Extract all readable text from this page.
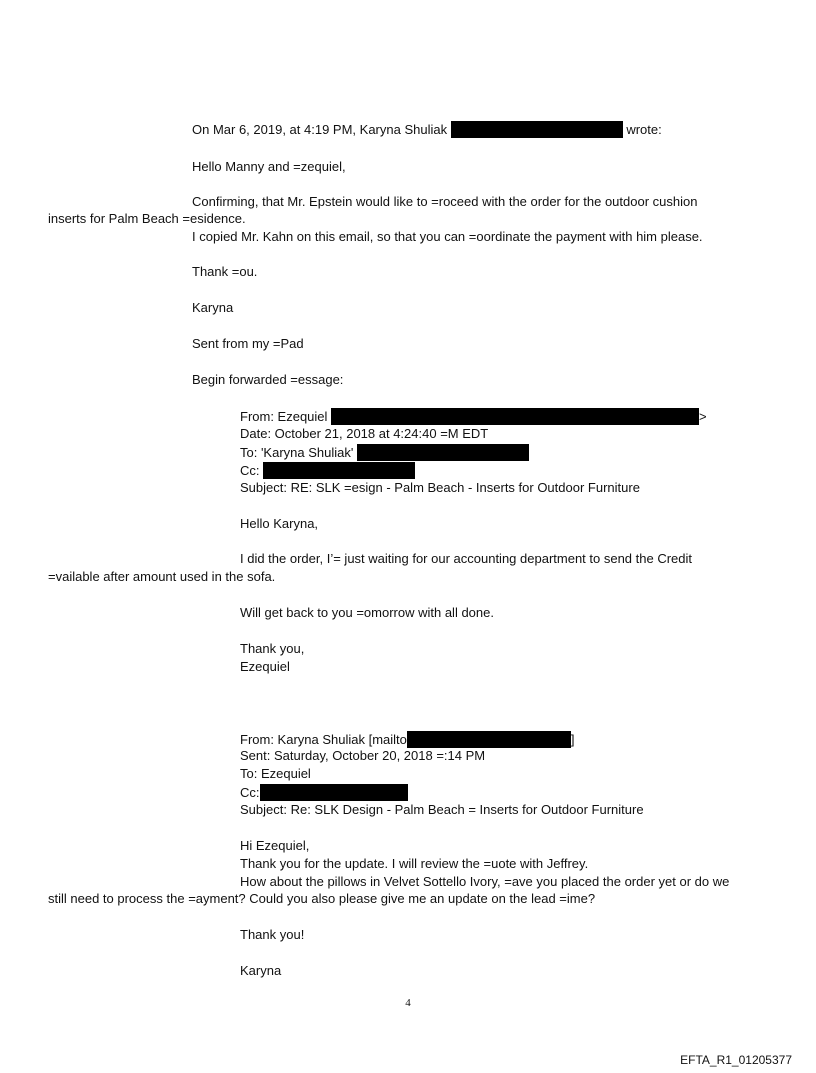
On Mar 6, 2019, at 4:19 PM, Karyna Shuliak	wrote:
Hello Manny and =zequiel,
Confirming, that Mr. Epstein would like to =roceed with the order for the outdoor cushion
inserts for Palm Beach =esidence.
I copied Mr. Kahn on this email, so that you can =oordinate the payment with him please.
Thank =ou.
Karyna
Sent from my =Pad
Begin forwarded =essage:
From: Ezequiel	>
Date: October 21, 2018 at 4:24:40 =M EDT
To: 'Karyna Shuliak'
Cc:
Subject: RE: SLK =esign - Palm Beach - Inserts for Outdoor Furniture
Hello Karyna,
I did the order, I’= just waiting for our accounting department to send the Credit
=vailable after amount used in the sofa.
Will get back to you =omorrow with all done.
Thank you,
Ezequiel
From: Karyna Shuliak [mailto	]
Sent: Saturday, October 20, 2018 =:14 PM
To: Ezequiel
Cc:
Subject: Re: SLK Design - Palm Beach = Inserts for Outdoor Furniture
Hi Ezequiel,
Thank you for the update. I will review the =uote with Jeffrey.
How about the pillows in Velvet Sottello Ivory, =ave you placed the order yet or do we
still need to process the =ayment? Could you also please give me an update on the lead =ime?
Thank you!
Karyna
4
EFTA_R1_01205377
